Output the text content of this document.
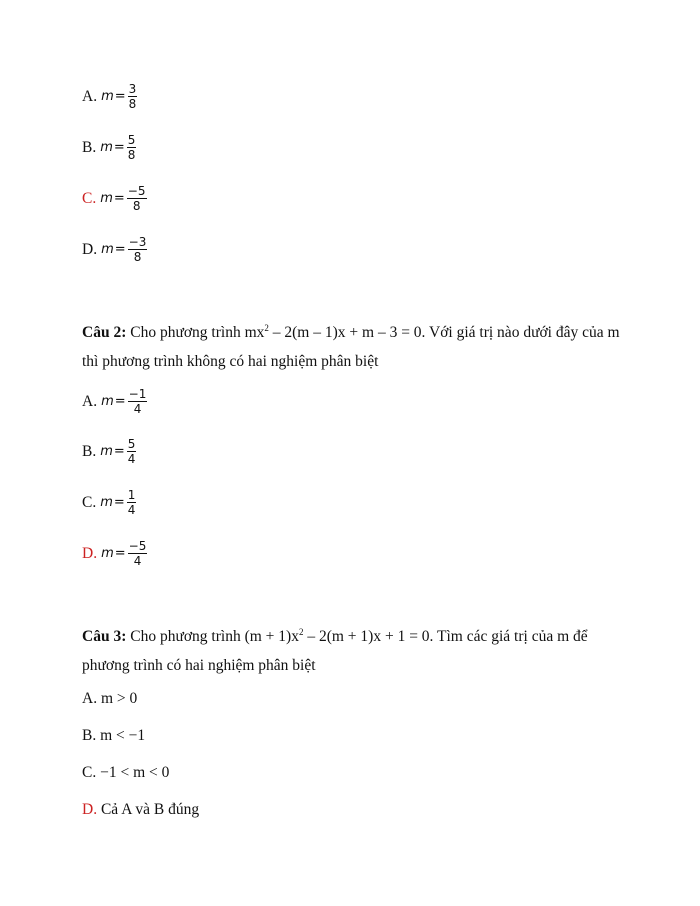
A. $m = \frac{3}{8}$
B. $m = \frac{5}{8}$
C. $m = \frac{-5}{8}$
D. $m = \frac{-3}{8}$
Câu 2: Cho phương trình $mx^2 - 2(m - 1)x + m - 3 = 0$. Với giá trị nào dưới đây của m thì phương trình không có hai nghiệm phân biệt
A. $m = \frac{-1}{4}$
B. $m = \frac{5}{4}$
C. $m = \frac{1}{4}$
D. $m = \frac{-5}{4}$
Câu 3: Cho phương trình $(m + 1)x^2 - 2(m + 1)x + 1 = 0$. Tìm các giá trị của m để phương trình có hai nghiệm phân biệt
A. m > 0
B. m < −1
C. −1 < m < 0
D. Cả A và B đúng
